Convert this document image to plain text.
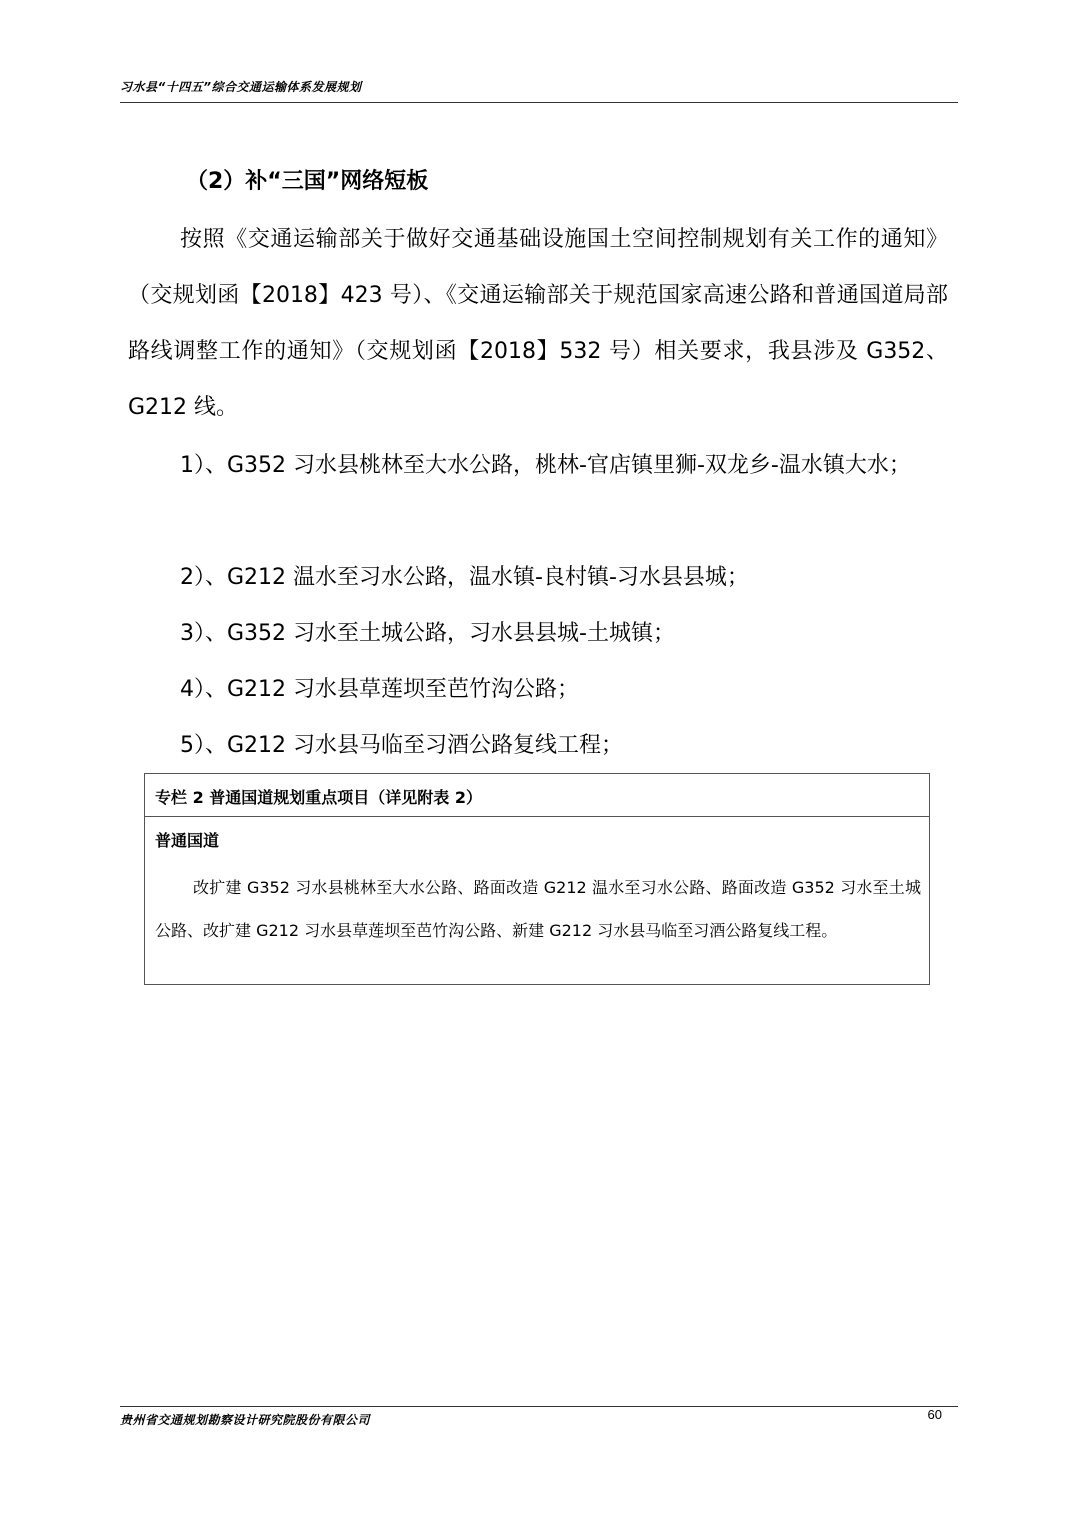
习水县“十四五”综合交通运输体系发展规划
（2）补“三国”网络短板

按照《交通运输部关于做好交通基础设施国土空间控制规划有关工作的通知》（交规划函【2018】423 号）、《交通运输部关于规范国家高速公路和普通国道局部路线调整工作的通知》（交规划函【2018】532 号）相关要求，我县涉及 G352、G212 线。

1）、G352 习水县桃林至大水公路，桃林-官店镇里狮-双龙乡-温水镇大水；

2）、G212 温水至习水公路，温水镇-良村镇-习水县县城；

3）、G352 习水至土城公路，习水县县城-土城镇；

4）、G212 习水县草莲坝至芭竹沟公路；

5）、G212 习水县马临至习酒公路复线工程；

专栏 2 普通国道规划重点项目（详见附表 2）
普通国道

改扩建 G352 习水县桃林至大水公路、路面改造 G212 温水至习水公路、路面改造 G352 习水至土城公路、改扩建 G212 习水县草莲坝至芭竹沟公路、新建 G212 习水县马临至习酒公路复线工程。

贵州省交通规划勘察设计研究院股份有限公司	60
